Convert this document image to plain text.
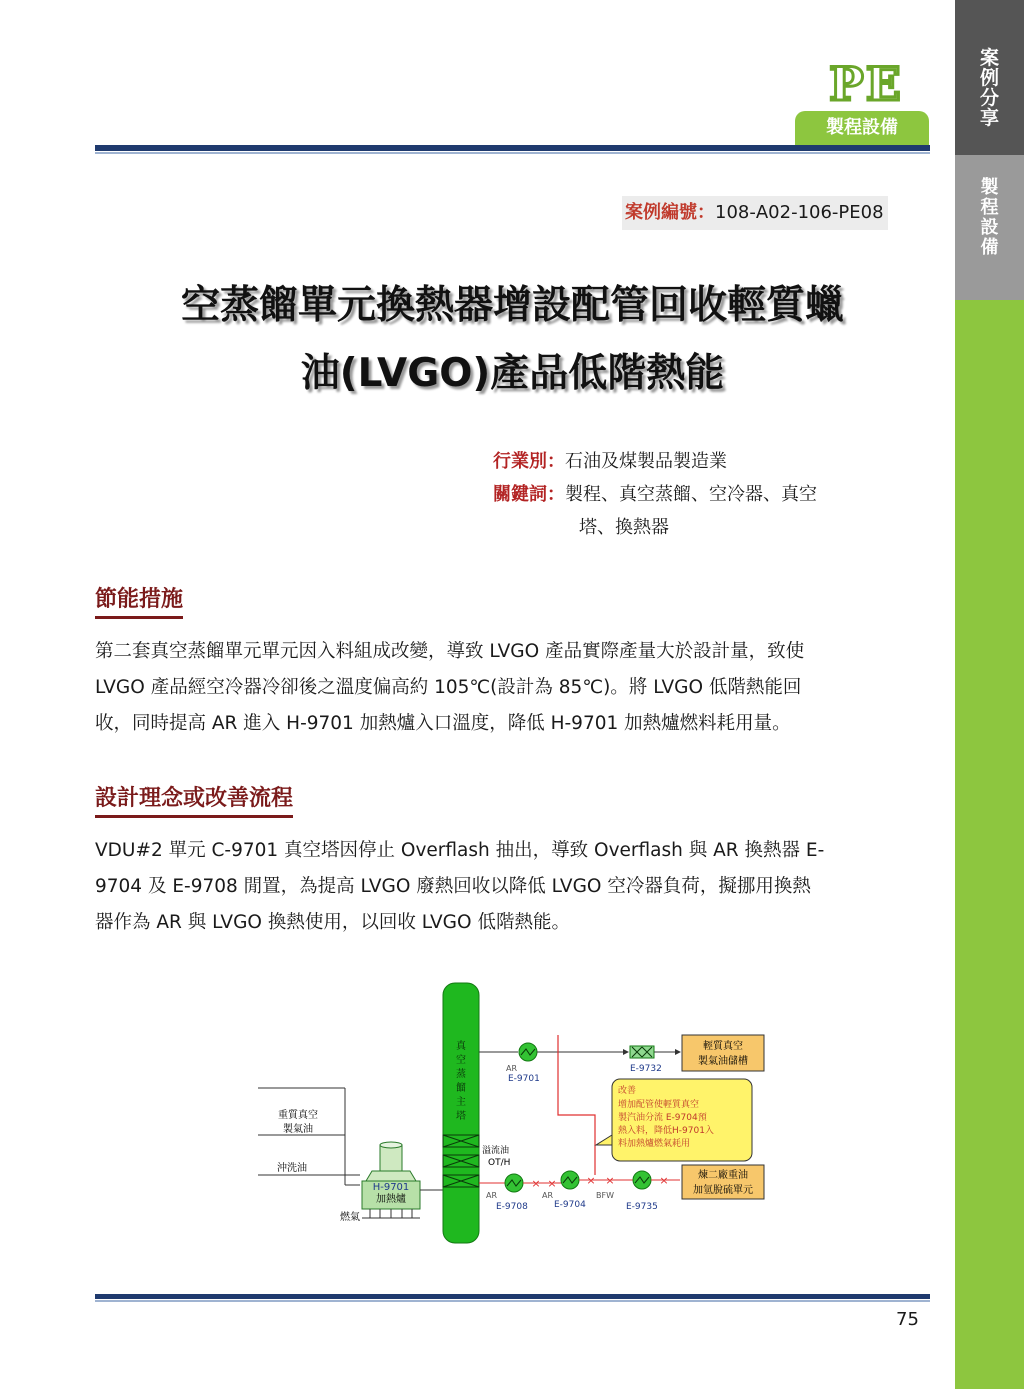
案
例
分
享
製
程
設
備
PE
製程設備
案例編號：108-A02-106-PE08
空蒸餾單元換熱器增設配管回收輕質蠟
油(LVGO)產品低階熱能
行業別：石油及煤製品製造業
關鍵詞：製程、真空蒸餾、空冷器、真空
塔、換熱器
節能措施
第二套真空蒸餾單元單元因入料組成改變，導致 LVGO 產品實際產量大於設計量，致使
LVGO 產品經空冷器冷卻後之溫度偏高約 105℃(設計為 85℃)。將 LVGO 低階熱能回
收，同時提高 AR 進入 H-9701 加熱爐入口溫度，降低 H-9701 加熱爐燃料耗用量。
設計理念或改善流程
VDU#2 單元 C-9701 真空塔因停止 Overflash 抽出，導致 Overflash 與 AR 換熱器 E-
9704 及 E-9708 閒置，為提高 LVGO 廢熱回收以降低 LVGO 空冷器負荷，擬挪用換熱
器作為 AR 與 LVGO 換熱使用，以回收 LVGO 低階熱能。
重質真空
製氣油
沖洗油
燃氣
H-9701
加熱爐
真
空
蒸
餾
主
塔
AR
E-9701
E-9732
輕質真空
製氣油儲槽
改善
增加配管使輕質真空
製汽油分流 E-9704預
熱入料，降低H-9701入
料加熱爐燃氣耗用
溢流油
OT/H
× ×	× ×	×
AR	AR	BFW
E-9708	E-9704	E-9735
煉二廠重油
加氫脫硫單元
75
